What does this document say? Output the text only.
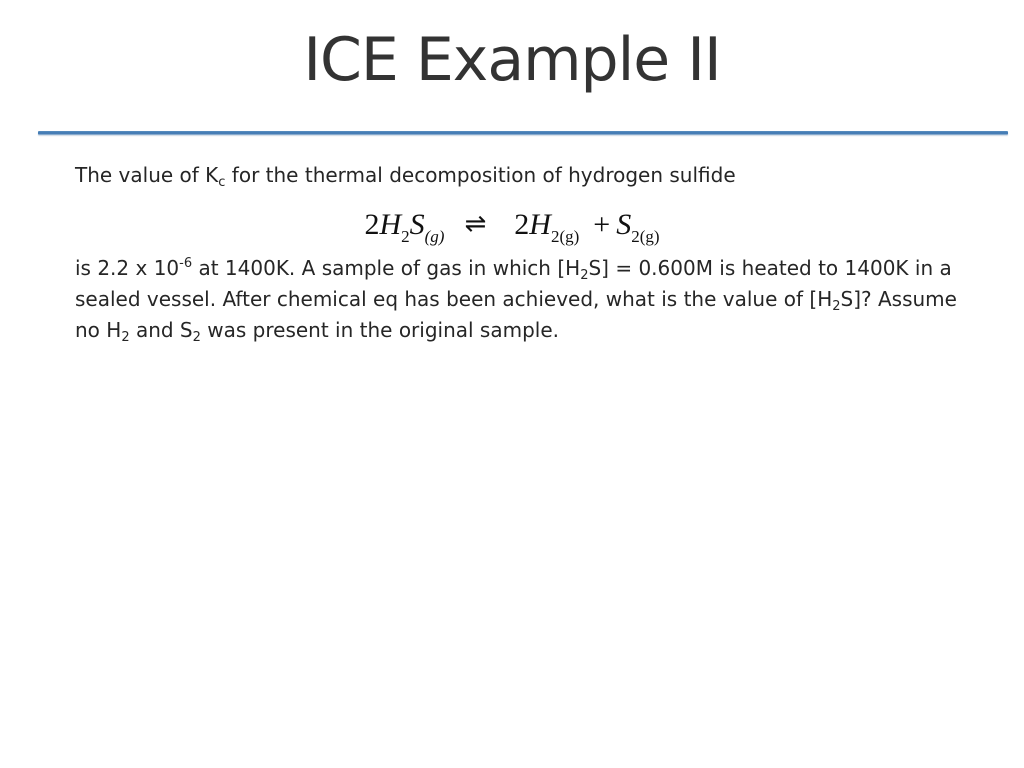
ICE Example II

The value of $K_c$ for the thermal decomposition of hydrogen sulfide

$2H_2S_{(g)}$ ⇌ $2H_{2(g)} + S_{2(g)}$

is 2.2 x $10^{-6}$ at 1400K. A sample of gas in which $[H_2S] = 0.600M$ is heated to 1400K in a sealed vessel. After chemical eq has been achieved, what is the value of $[H_2S]$? Assume no $H_2$ and $S_2$ was present in the original sample.
